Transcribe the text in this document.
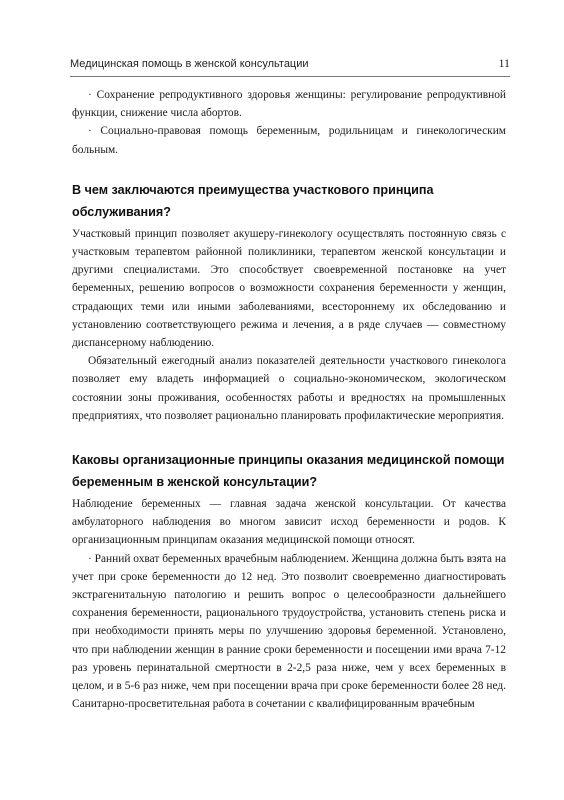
Медицинская помощь в женской консультации	11

· Сохранение репродуктивного здоровья женщины: регулирование репродуктивной функции, снижение числа абортов.

· Социально-правовая помощь беременным, родильницам и гинекологическим больным.

В чем заключаются преимущества участкового принципа обслуживания?

Участковый принцип позволяет акушеру-гинекологу осуществлять постоянную связь с участковым терапевтом районной поликлиники, терапевтом женской консультации и другими специалистами. Это способствует своевременной постановке на учет беременных, решению вопросов о возможности сохранения беременности у женщин, страдающих теми или иными заболеваниями, всестороннему их обследованию и установлению соответствующего режима и лечения, а в ряде случаев — совместному диспансерному наблюдению.

Обязательный ежегодный анализ показателей деятельности участкового гинеколога позволяет ему владеть информацией о социально-экономическом, экологическом состоянии зоны проживания, особенностях работы и вредностях на промышленных предприятиях, что позволяет рационально планировать профилактические мероприятия.

Каковы организационные принципы оказания медицинской помощи беременным в женской консультации?

Наблюдение беременных — главная задача женской консультации. От качества амбулаторного наблюдения во многом зависит исход беременности и родов. К организационным принципам оказания медицинской помощи относят.

· Ранний охват беременных врачебным наблюдением. Женщина должна быть взята на учет при сроке беременности до 12 нед. Это позволит своевременно диагностировать экстрагенитальную патологию и решить вопрос о целесообразности дальнейшего сохранения беременности, рационального трудоустройства, установить степень риска и при необходимости принять меры по улучшению здоровья беременной. Установлено, что при наблюдении женщин в ранние сроки беременности и посещении ими врача 7-12 раз уровень перинатальной смертности в 2-2,5 раза ниже, чем у всех беременных в целом, и в 5-6 раз ниже, чем при посещении врача при сроке беременности более 28 нед. Санитарно-просветительная работа в сочетании с квалифицированным врачебным
